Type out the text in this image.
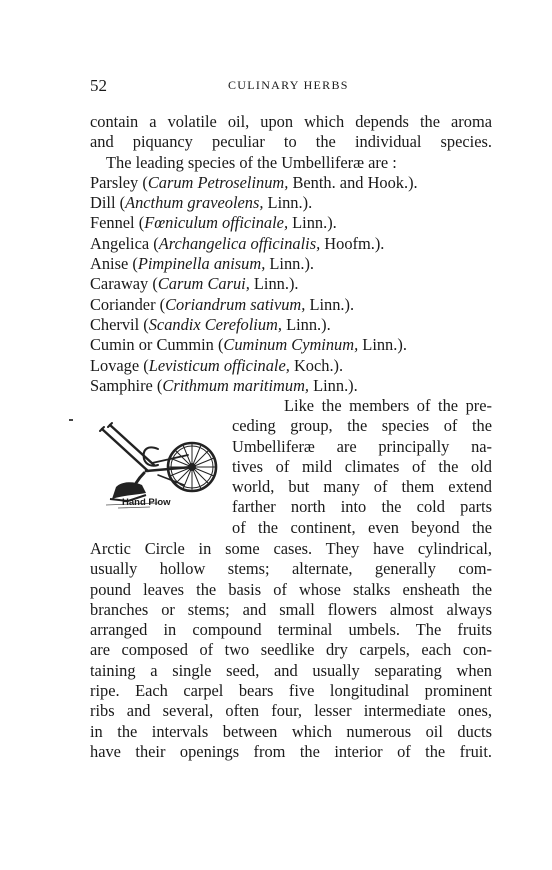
52	CULINARY HERBS
contain a volatile oil, upon which depends the aroma
and piquancy peculiar to the individual species.
The leading species of the Umbelliferæ are :
Parsley (Carum Petroselinum, Benth. and Hook.).
Dill (Ancthum graveolens, Linn.).
Fennel (Fœniculum officinale, Linn.).
Angelica (Archangelica officinalis, Hoofm.).
Anise (Pimpinella anisum, Linn.).
Caraway (Carum Carui, Linn.).
Coriander (Coriandrum sativum, Linn.).
Chervil (Scandix Cerefolium, Linn.).
Cumin or Cummin (Cuminum Cyminum, Linn.).
Lovage (Levisticum officinale, Koch.).
Samphire (Crithmum maritimum, Linn.).
Hand Plow
Like the members of the pre-
ceding group, the species of the
Umbelliferæ are principally na-
tives of mild climates of the old
world, but many of them extend
farther north into the cold parts
of the continent, even beyond the
Arctic Circle in some cases. They have cylindrical,
usually hollow stems; alternate, generally com-
pound leaves the basis of whose stalks ensheath the
branches or stems; and small flowers almost always
arranged in compound terminal umbels. The fruits
are composed of two seedlike dry carpels, each con-
taining a single seed, and usually separating when
ripe. Each carpel bears five longitudinal prominent
ribs and several, often four, lesser intermediate ones,
in the intervals between which numerous oil ducts
have their openings from the interior of the fruit.
